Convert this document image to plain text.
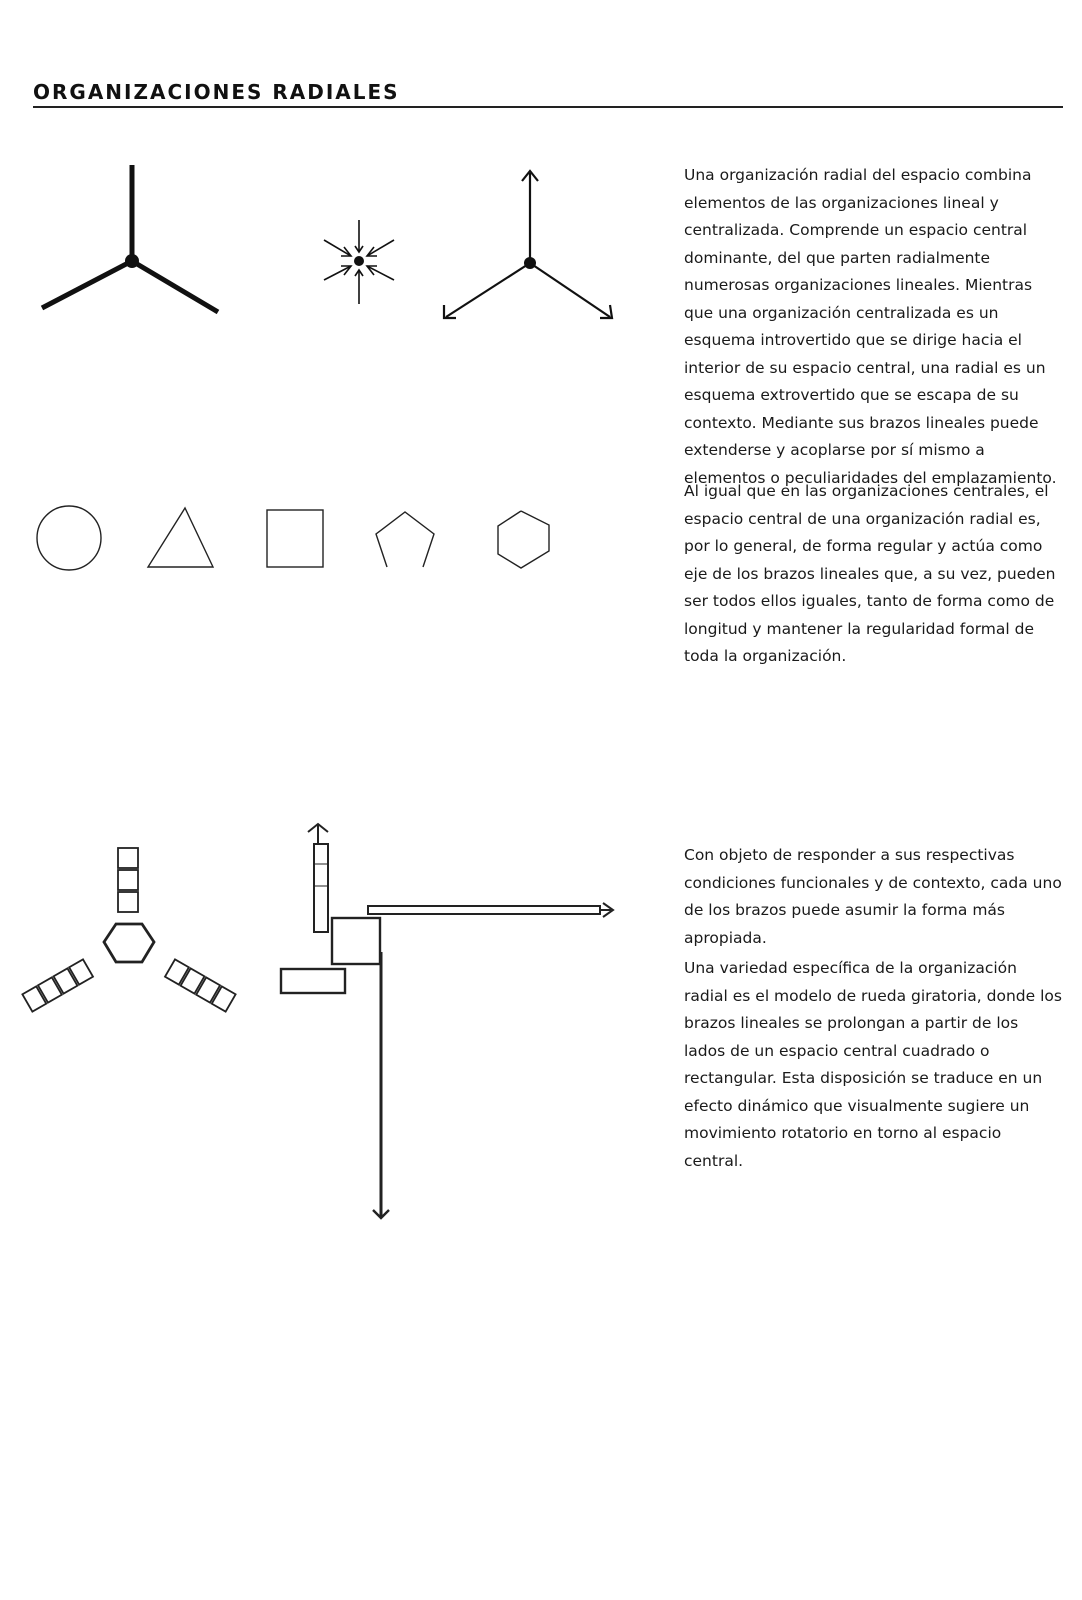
ORGANIZACIONES RADIALES

Una organización radial del espacio combina elementos de las organizaciones lineal y centralizada. Comprende un espacio central dominante, del que parten radialmente numerosas organizaciones lineales. Mientras que una organización centralizada es un esquema introvertido que se dirige hacia el interior de su espacio central, una radial es un esquema extrovertido que se escapa de su contexto. Mediante sus brazos lineales puede extenderse y acoplarse por sí mismo a elementos o peculiaridades del emplazamiento.

Al igual que en las organizaciones centrales, el espacio central de una organización radial es, por lo general, de forma regular y actúa como eje de los brazos lineales que, a su vez, pueden ser todos ellos iguales, tanto de forma como de longitud y mantener la regularidad formal de toda la organización.

Con objeto de responder a sus respectivas condiciones funcionales y de contexto, cada uno de los brazos puede asumir la forma más apropiada.

Una variedad específica de la organización radial es el modelo de rueda giratoria, donde los brazos lineales se prolongan a partir de los lados de un espacio central cuadrado o rectangular. Esta disposición se traduce en un efecto dinámico que visualmente sugiere un movimiento rotatorio en torno al espacio central.
